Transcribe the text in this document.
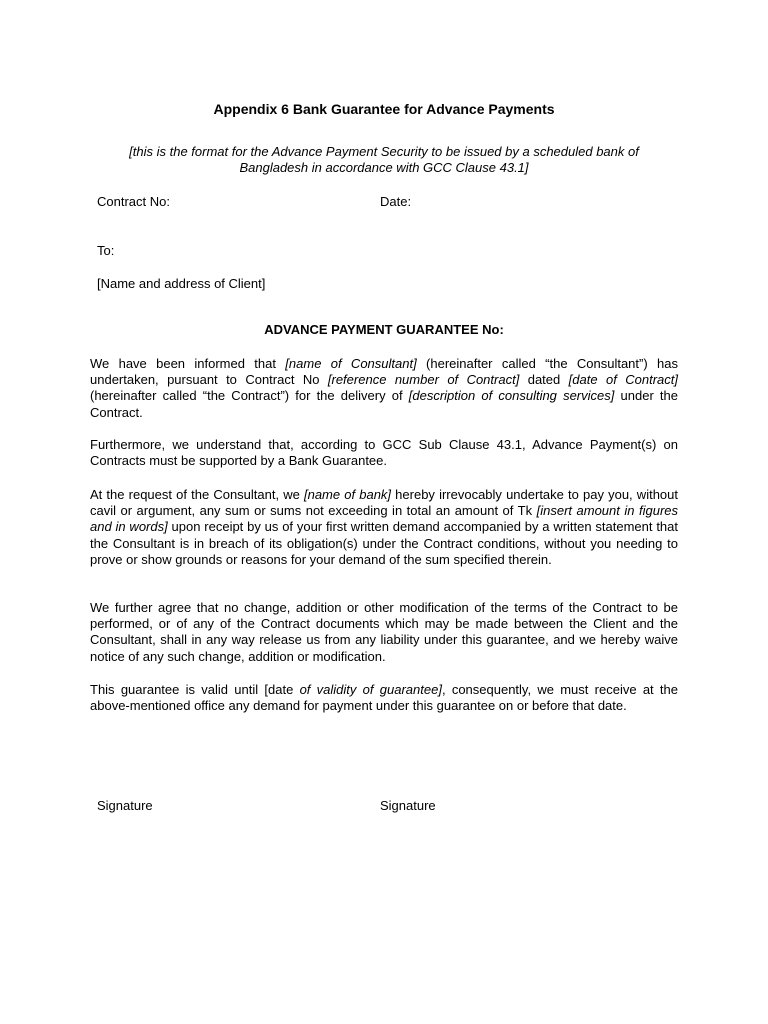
Appendix 6 Bank Guarantee for Advance Payments

[this is the format for the Advance Payment Security to be issued by a scheduled bank of Bangladesh in accordance with GCC Clause 43.1]

Contract No:	Date:
To:
[Name and address of Client]
ADVANCE PAYMENT GUARANTEE No:

We have been informed that [name of Consultant] (hereinafter called “the Consultant”) has undertaken, pursuant to Contract No [reference number of Contract] dated [date of Contract] (hereinafter called “the Contract”) for the delivery of [description of consulting services] under the Contract.

Furthermore, we understand that, according to GCC Sub Clause 43.1, Advance Payment(s) on Contracts must be supported by a Bank Guarantee.

At the request of the Consultant, we [name of bank] hereby irrevocably undertake to pay you, without cavil or argument, any sum or sums not exceeding in total an amount of Tk [insert amount in figures and in words] upon receipt by us of your first written demand accompanied by a written statement that the Consultant is in breach of its obligation(s) under the Contract conditions, without you needing to prove or show grounds or reasons for your demand of the sum specified therein.

We further agree that no change, addition or other modification of the terms of the Contract to be performed, or of any of the Contract documents which may be made between the Client and the Consultant, shall in any way release us from any liability under this guarantee, and we hereby waive notice of any such change, addition or modification.

This guarantee is valid until [date of validity of guarantee], consequently, we must receive at the above-mentioned office any demand for payment under this guarantee on or before that date.

Signature	Signature
